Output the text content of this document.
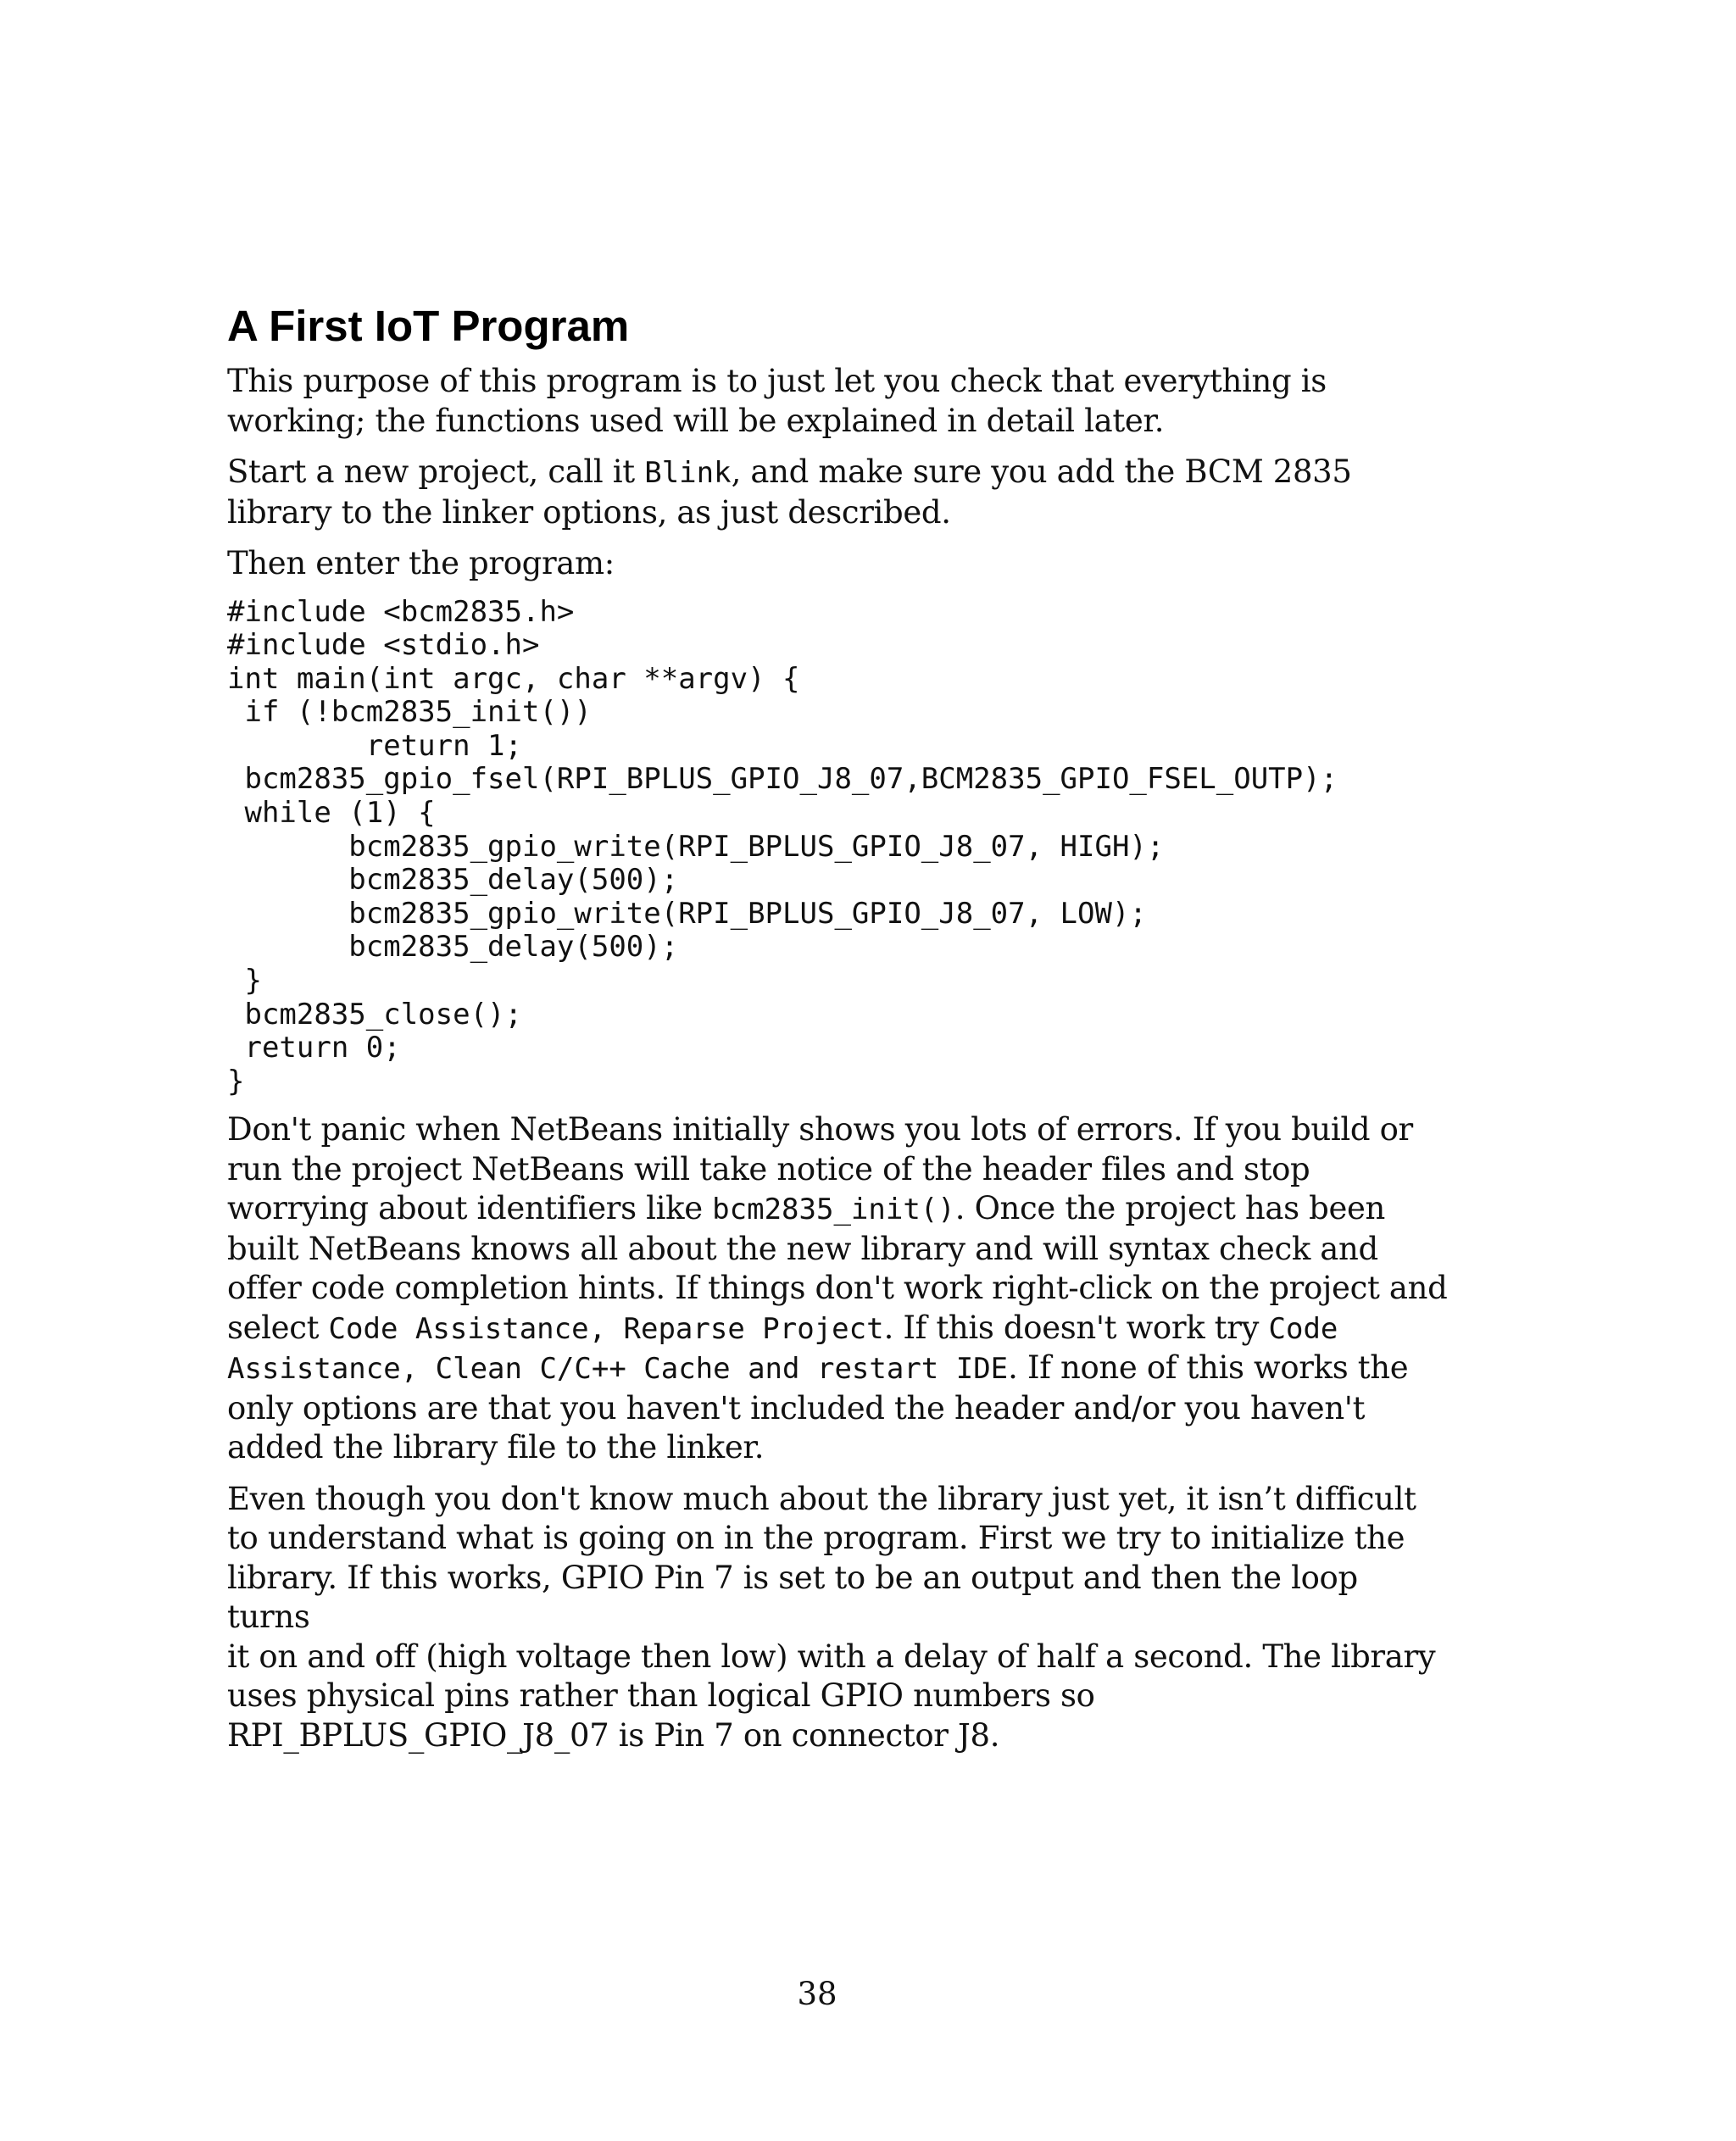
A First IoT Program

This purpose of this program is to just let you check that everything is
working; the functions used will be explained in detail later.

Start a new project, call it Blink, and make sure you add the BCM 2835
library to the linker options, as just described.

Then enter the program:

#include <bcm2835.h>
#include <stdio.h>
int main(int argc, char **argv) {
if (!bcm2835_init())
return 1;
bcm2835_gpio_fsel(RPI_BPLUS_GPIO_J8_07,BCM2835_GPIO_FSEL_OUTP);
while (1) {
bcm2835_gpio_write(RPI_BPLUS_GPIO_J8_07, HIGH);
bcm2835_delay(500);
bcm2835_gpio_write(RPI_BPLUS_GPIO_J8_07, LOW);
bcm2835_delay(500);
}
bcm2835_close();
return 0;
}

Don't panic when NetBeans initially shows you lots of errors. If you build or
run the project NetBeans will take notice of the header files and stop
worrying about identifiers like bcm2835_init(). Once the project has been
built NetBeans knows all about the new library and will syntax check and
offer code completion hints. If things don't work right-click on the project and
select Code Assistance, Reparse Project. If this doesn't work try Code
Assistance, Clean C/C++ Cache and restart IDE. If none of this works the
only options are that you haven't included the header and/or you haven't
added the library file to the linker.

Even though you don't know much about the library just yet, it isn’t difficult
to understand what is going on in the program. First we try to initialize the
library. If this works, GPIO Pin 7 is set to be an output and then the loop turns
it on and off (high voltage then low) with a delay of half a second. The library
uses physical pins rather than logical GPIO numbers so
RPI_BPLUS_GPIO_J8_07 is Pin 7 on connector J8.

38
